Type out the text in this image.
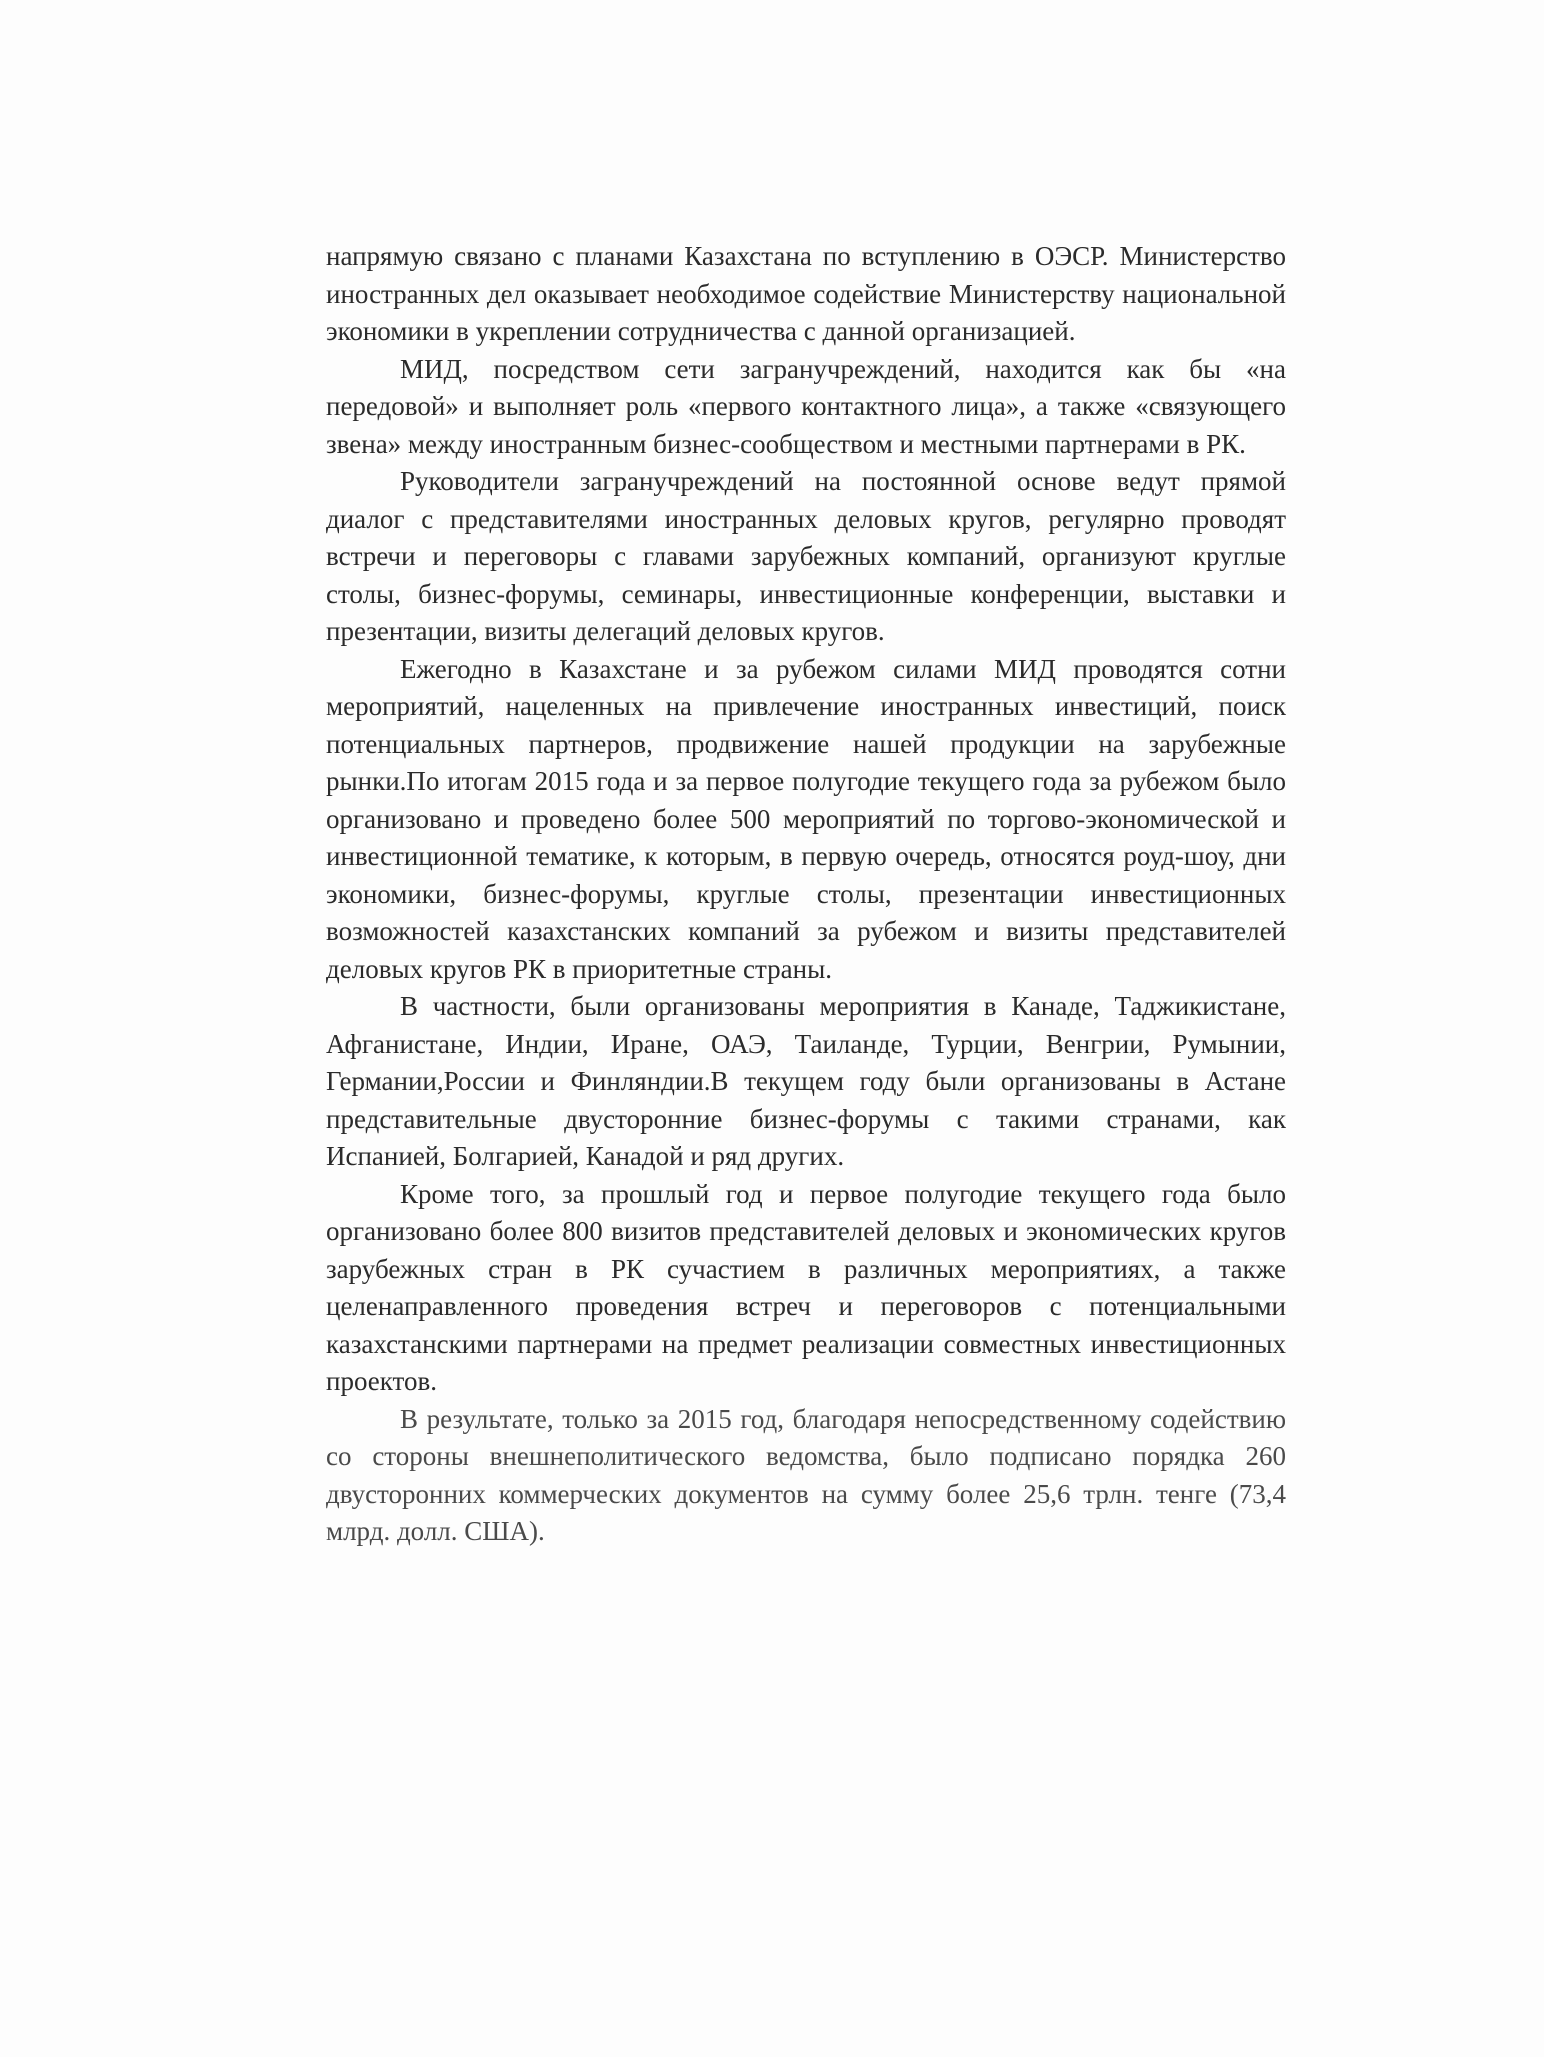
напрямую связано с планами Казахстана по вступлению в ОЭСР. Министерство иностранных дел оказывает необходимое содействие Министерству национальной экономики в укреплении сотрудничества с данной организацией.

МИД, посредством сети загранучреждений, находится как бы «на передовой» и выполняет роль «первого контактного лица», а также «связующего звена» между иностранным бизнес-сообществом и местными партнерами в РК.

Руководители загранучреждений на постоянной основе ведут прямой диалог с представителями иностранных деловых кругов, регулярно проводят встречи и переговоры с главами зарубежных компаний, организуют круглые столы, бизнес-форумы, семинары, инвестиционные конференции, выставки и презентации, визиты делегаций деловых кругов.

Ежегодно в Казахстане и за рубежом силами МИД проводятся сотни мероприятий, нацеленных на привлечение иностранных инвестиций, поиск потенциальных партнеров, продвижение нашей продукции на зарубежные рынки.По итогам 2015 года и за первое полугодие текущего года за рубежом было организовано и проведено более 500 мероприятий по торгово-экономической и инвестиционной тематике, к которым, в первую очередь, относятся роуд-шоу, дни экономики, бизнес-форумы, круглые столы, презентации инвестиционных возможностей казахстанских компаний за рубежом и визиты представителей деловых кругов РК в приоритетные страны.

В частности, были организованы мероприятия в Канаде, Таджикистане, Афганистане, Индии, Иране, ОАЭ, Таиланде, Турции, Венгрии, Румынии, Германии,России и Финляндии.В текущем году были организованы в Астане представительные двусторонние бизнес-форумы с такими странами, как Испанией, Болгарией, Канадой и ряд других.

Кроме того, за прошлый год и первое полугодие текущего года было организовано более 800 визитов представителей деловых и экономических кругов зарубежных стран в РК сучастием в различных мероприятиях, а также целенаправленного проведения встреч и переговоров с потенциальными казахстанскими партнерами на предмет реализации совместных инвестиционных проектов.

В результате, только за 2015 год, благодаря непосредственному содействию со стороны внешнеполитического ведомства, было подписано порядка 260 двусторонних коммерческих документов на сумму более 25,6 трлн. тенге (73,4 млрд. долл. США).
